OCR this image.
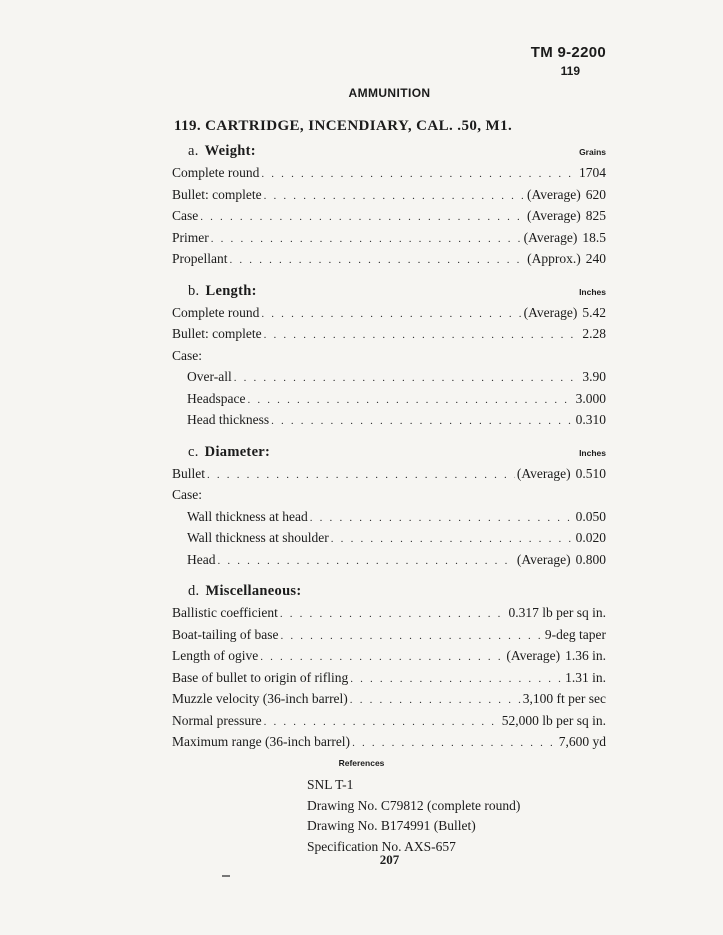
TM 9-2200
119
AMMUNITION
119. CARTRIDGE, INCENDIARY, CAL. .50, M1.
a. Weight:	Grains
Complete round . . .	1704
Bullet: complete . . .	(Average) 620
Case . . .	(Average) 825
Primer . . .	(Average) 18.5
Propellant . . .	(Approx.) 240
b. Length:	Inches
Complete round . . .	(Average) 5.42
Bullet: complete . . .	2.28
Case:
Over-all . . .	3.90
Headspace . . .	3.000
Head thickness . . .	0.310
c. Diameter:	Inches
Bullet . . .	(Average) 0.510
Case:
Wall thickness at head . . .	0.050
Wall thickness at shoulder . . .	0.020
Head . . .	(Average) 0.800
d. Miscellaneous:
Ballistic coefficient . . .	0.317 lb per sq in.
Boat-tailing of base . . .	9-deg taper
Length of ogive . . .	(Average) 1.36 in.
Base of bullet to origin of rifling . . .	1.31 in.
Muzzle velocity (36-inch barrel) . . .	3,100 ft per sec
Normal pressure . . .	52,000 lb per sq in.
Maximum range (36-inch barrel) . . .	7,600 yd
References
SNL T-1
Drawing No. C79812 (complete round)
Drawing No. B174991 (Bullet)
Specification No. AXS-657
207
